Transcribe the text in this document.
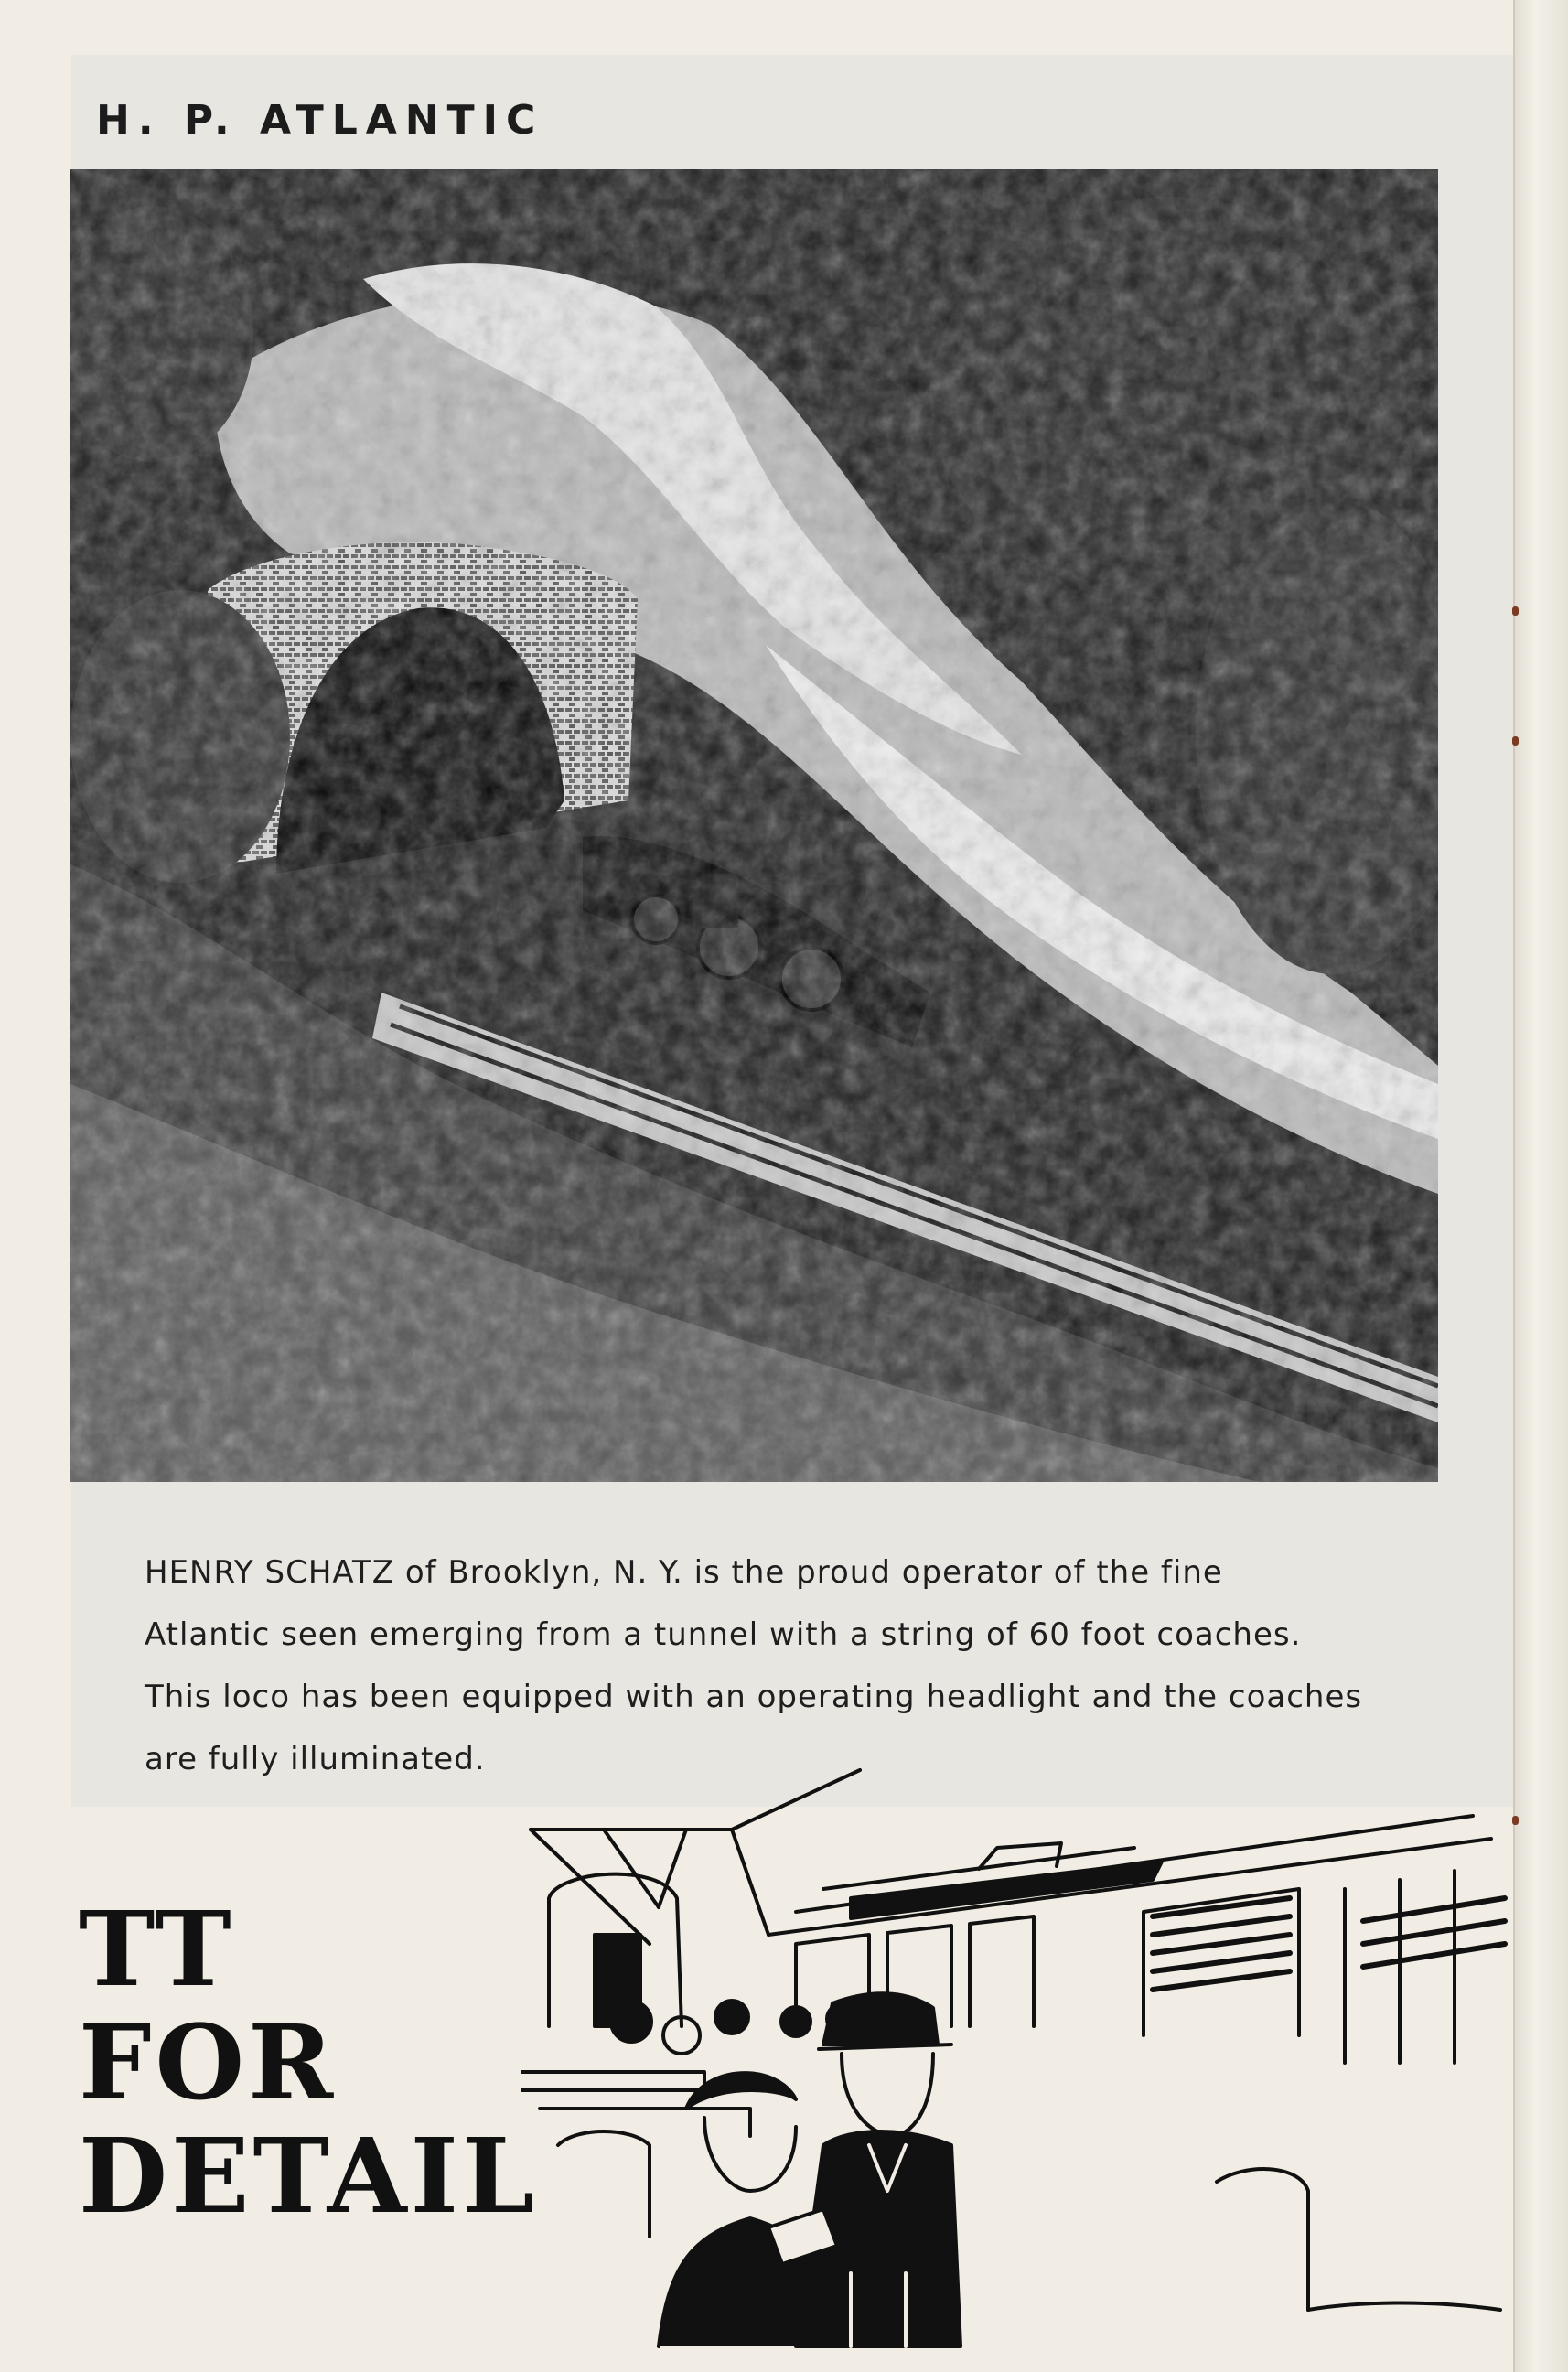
H. P. ATLANTIC
HENRY SCHATZ of Brooklyn, N. Y. is the proud operator of the fine
Atlantic seen emerging from a tunnel with a string of 60 foot coaches.
This loco has been equipped with an operating headlight and the coaches
are fully illuminated.
TT
FOR
DETAIL
